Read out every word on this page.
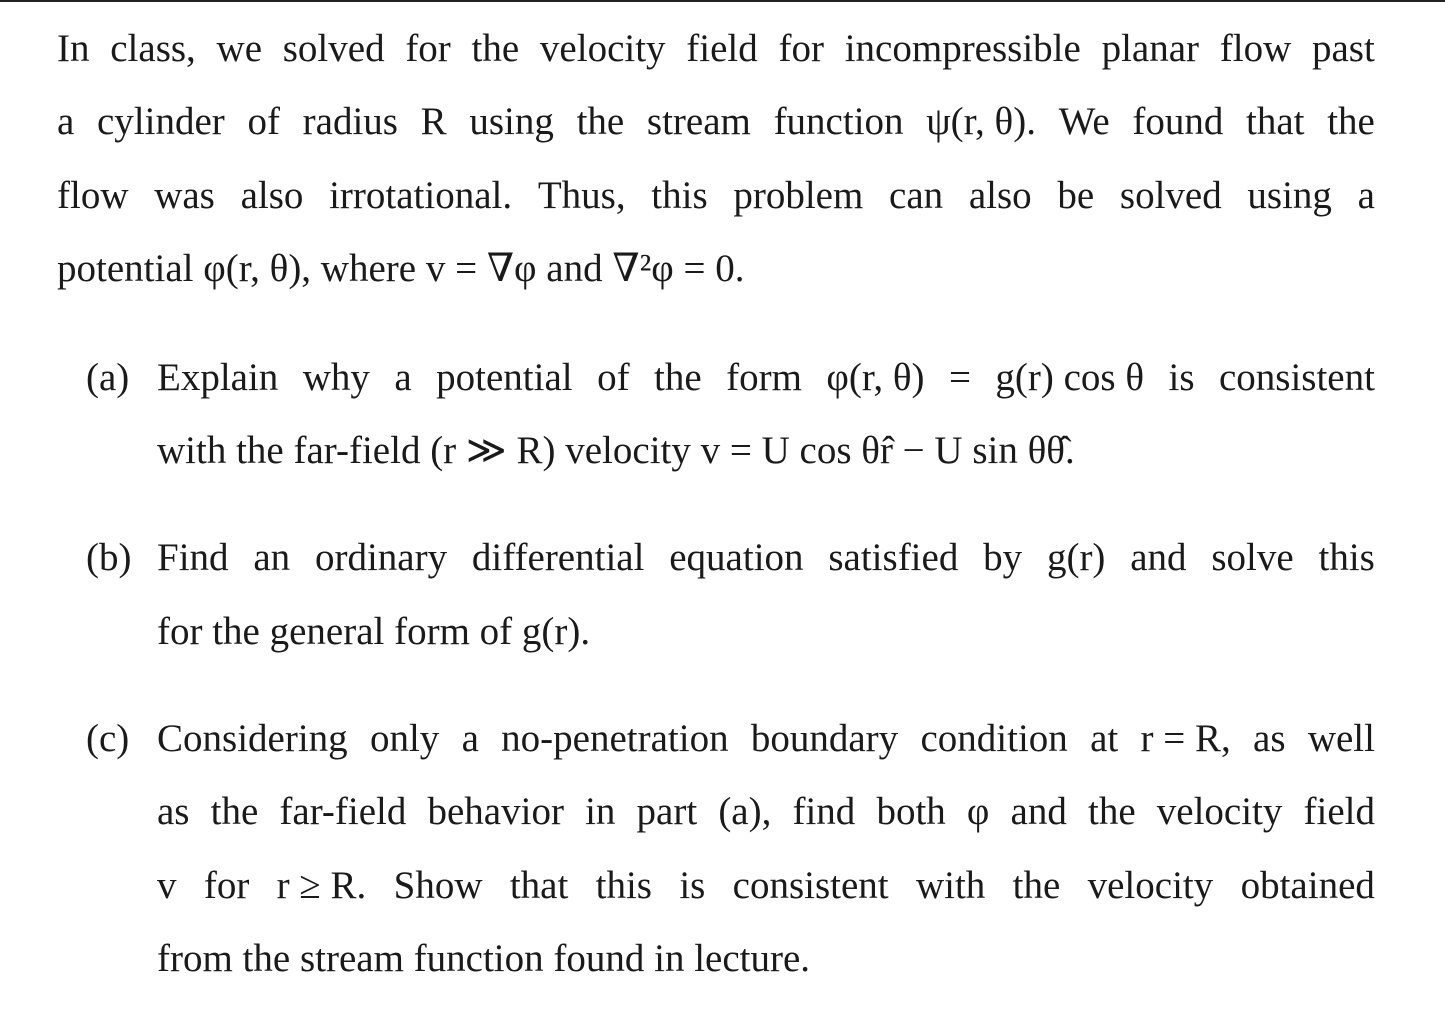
In class, we solved for the velocity field for incompressible planar flow past
a cylinder of radius R using the stream function ψ(r, θ). We found that the
flow was also irrotational. Thus, this problem can also be solved using a
potential φ(r, θ), where v = ∇φ and ∇²φ = 0.
(a) Explain why a potential of the form φ(r, θ) = g(r) cos θ is consistent
with the far-field (r ≫ R) velocity v = U cos θr̂ − U sin θθ̂.
(b) Find an ordinary differential equation satisfied by g(r) and solve this
for the general form of g(r).
(c) Considering only a no-penetration boundary condition at r = R, as well
as the far-field behavior in part (a), find both φ and the velocity field
v for r ≥ R. Show that this is consistent with the velocity obtained
from the stream function found in lecture.
